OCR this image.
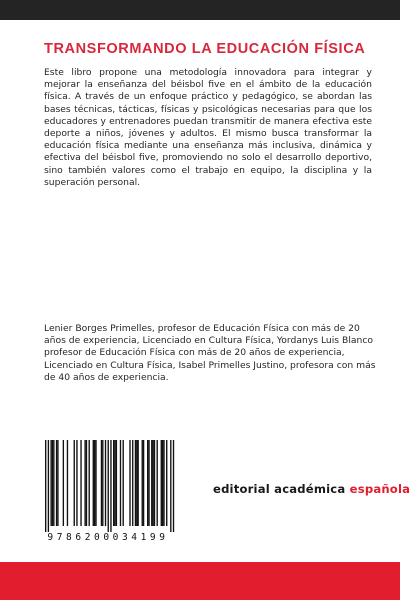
TRANSFORMANDO LA EDUCACIÓN FÍSICA
Este libro propone una metodología innovadora para integrar y mejorar la enseñanza del béisbol five en el ámbito de la educación física. A través de un enfoque práctico y pedagógico, se abordan las bases técnicas, tácticas, físicas y psicológicas necesarias para que los educadores y entrenadores puedan transmitir de manera efectiva este deporte a niños, jóvenes y adultos. El mismo busca transformar la educación física mediante una enseñanza más inclusiva, dinámica y efectiva del béisbol five, promoviendo no solo el desarrollo deportivo, sino también valores como el trabajo en equipo, la disciplina y la superación personal.
Lenier Borges Primelles, profesor de Educación Física con más de 20 años de experiencia, Licenciado en Cultura Física, Yordanys Luis Blanco profesor de Educación Física con más de 20 años de experiencia, Licenciado en Cultura Física, Isabel Primelles Justino, profesora con más de 40 años de experiencia.
9786200034199
editorial académica española
